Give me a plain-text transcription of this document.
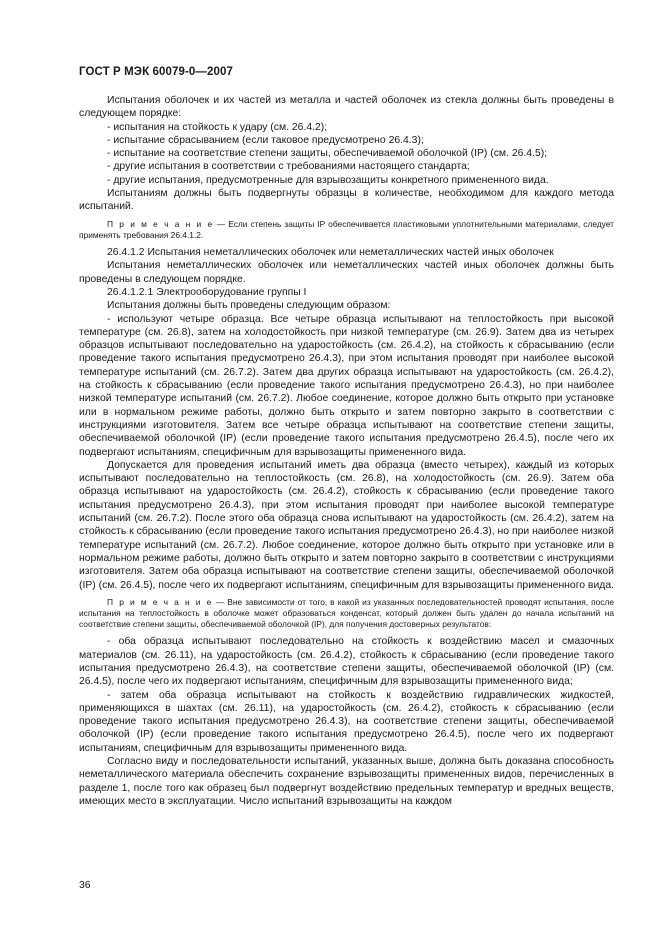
ГОСТ Р МЭК 60079-0—2007

Испытания оболочек и их частей из металла и частей оболочек из стекла должны быть проведены в следующем порядке:

- испытания на стойкость к удару (см. 26.4.2);

- испытание сбрасыванием (если таковое предусмотрено 26.4.3);

- испытание на соответствие степени защиты, обеспечиваемой оболочкой (IP) (см. 26.4.5);

- другие испытания в соответствии с требованиями настоящего стандарта;

- другие испытания, предусмотренные для взрывозащиты конкретного примененного вида.

Испытаниям должны быть подвергнуты образцы в количестве, необходимом для каждого метода испытаний.

П р и м е ч а н и е — Если степень защиты IP обеспечивается пластиковыми уплотнительными материалами, следует применять требования 26.4.1.2.

26.4.1.2 Испытания неметаллических оболочек или неметаллических частей иных оболочек

Испытания неметаллических оболочек или неметаллических частей иных оболочек должны быть проведены в следующем порядке.

26.4.1.2.1 Электрооборудование группы I

Испытания должны быть проведены следующим образом:

- используют четыре образца. Все четыре образца испытывают на теплостойкость при высокой температуре (см. 26.8), затем на холодостойкость при низкой температуре (см. 26.9). Затем два из четырех образцов испытывают последовательно на ударостойкость (см. 26.4.2), на стойкость к сбрасыванию (если проведение такого испытания предусмотрено 26.4.3), при этом испытания проводят при наиболее высокой температуре испытаний (см. 26.7.2). Затем два других образца испытывают на ударостойкость (см. 26.4.2), на стойкость к сбрасыванию (если проведение такого испытания предусмотрено 26.4.3), но при наиболее низкой температуре испытаний (см. 26.7.2). Любое соединение, которое должно быть открыто при установке или в нормальном режиме работы, должно быть открыто и затем повторно закрыто в соответствии с инструкциями изготовителя. Затем все четыре образца испытывают на соответствие степени защиты, обеспечиваемой оболочкой (IP) (если проведение такого испытания предусмотрено 26.4.5), после чего их подвергают испытаниям, специфичным для взрывозащиты примененного вида.

Допускается для проведения испытаний иметь два образца (вместо четырех), каждый из которых испытывают последовательно на теплостойкость (см. 26.8), на холодостойкость (см. 26.9). Затем оба образца испытывают на ударостойкость (см. 26.4.2), стойкость к сбрасыванию (если проведение такого испытания предусмотрено 26.4.3), при этом испытания проводят при наиболее высокой температуре испытаний (см. 26.7.2). После этого оба образца снова испытывают на ударостойкость (см. 26.4.2), затем на стойкость к сбрасыванию (если проведение такого испытания предусмотрено 26.4.3), но при наиболее низкой температуре испытаний (см. 26.7.2). Любое соединение, которое должно быть открыто при установке или в нормальном режиме работы, должно быть открыто и затем повторно закрыто в соответствии с инструкциями изготовителя. Затем оба образца испытывают на соответствие степени защиты, обеспечиваемой оболочкой (IP) (см. 26.4.5), после чего их подвергают испытаниям, специфичным для взрывозащиты примененного вида.

П р и м е ч а н и е — Вне зависимости от того, в какой из указанных последовательностей проводят испытания, после испытания на теплостойкость в оболочке может образоваться конденсат, который должен быть удален до начала испытаний на соответствие степени защиты, обеспечиваемой оболочкой (IP), для получения достоверных результатов:

- оба образца испытывают последовательно на стойкость к воздействию масел и смазочных материалов (см. 26.11), на ударостойкость (см. 26.4.2), стойкость к сбрасыванию (если проведение такого испытания предусмотрено 26.4.3), на соответствие степени защиты, обеспечиваемой оболочкой (IP) (см. 26.4.5), после чего их подвергают испытаниям, специфичным для взрывозащиты примененного вида;

- затем оба образца испытывают на стойкость к воздействию гидравлических жидкостей, применяющихся в шахтах (см. 26.11), на ударостойкость (см. 26.4.2), стойкость к сбрасыванию (если проведение такого испытания предусмотрено 26.4.3), на соответствие степени защиты, обеспечиваемой оболочкой (IP) (если проведение такого испытания предусмотрено 26.4.5), после чего их подвергают испытаниям, специфичным для взрывозащиты примененного вида.

Согласно виду и последовательности испытаний, указанных выше, должна быть доказана способность неметаллического материала обеспечить сохранение взрывозащиты примененных видов, перечисленных в разделе 1, после того как образец был подвергнут воздействию предельных температур и вредных веществ, имеющих место в эксплуатации. Число испытаний взрывозащиты на каждом

36
